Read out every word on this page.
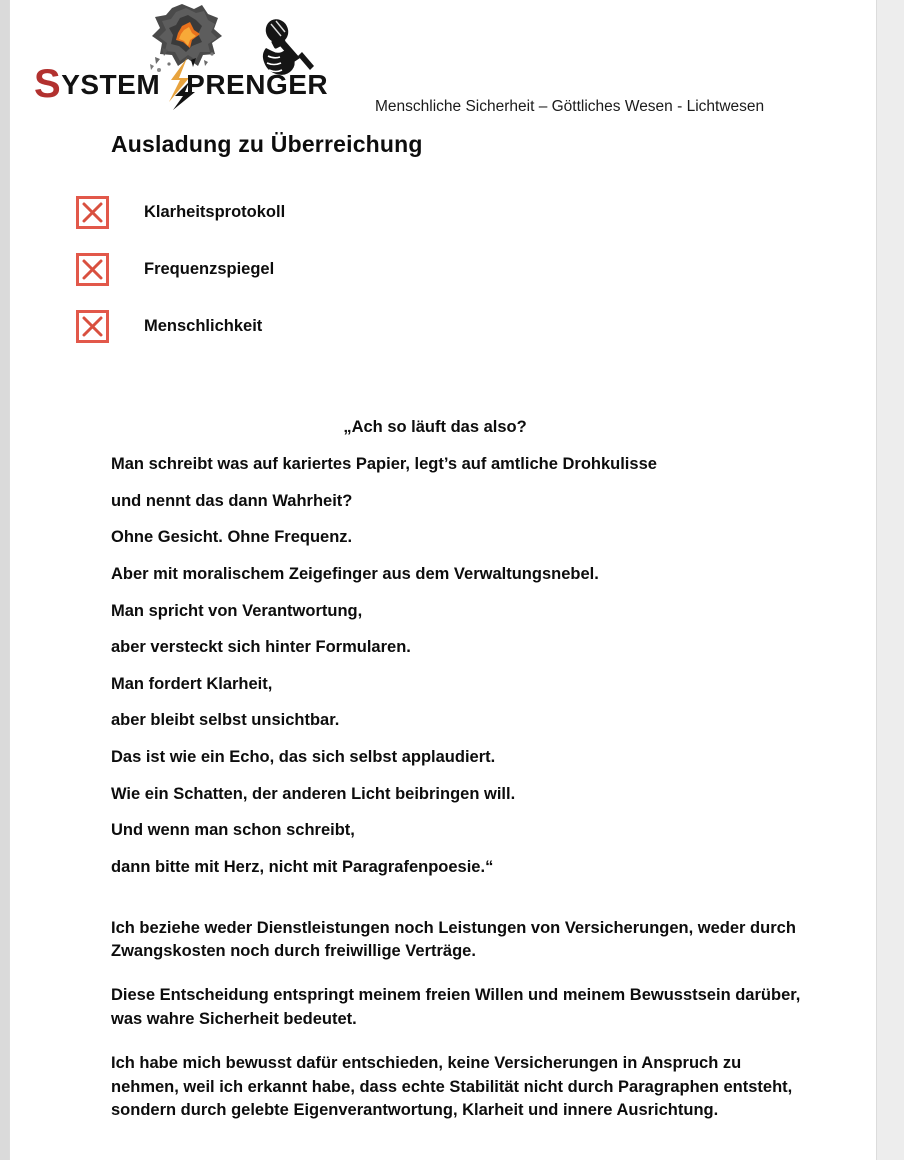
SYSTEM PRENGER
Menschliche Sicherheit – Göttliches Wesen - Lichtwesen
Ausladung zu Überreichung
Klarheitsprotokoll
Frequenzspiegel
Menschlichkeit
„Ach so läuft das also?
Man schreibt was auf kariertes Papier, legt’s auf amtliche Drohkulisse
und nennt das dann Wahrheit?
Ohne Gesicht. Ohne Frequenz.
Aber mit moralischem Zeigefinger aus dem Verwaltungsnebel.
Man spricht von Verantwortung,
aber versteckt sich hinter Formularen.
Man fordert Klarheit,
aber bleibt selbst unsichtbar.
Das ist wie ein Echo, das sich selbst applaudiert.
Wie ein Schatten, der anderen Licht beibringen will.
Und wenn man schon schreibt,
dann bitte mit Herz, nicht mit Paragrafenpoesie.“

Ich beziehe weder Dienstleistungen noch Leistungen von Versicherungen, weder durch Zwangskosten noch durch freiwillige Verträge.

Diese Entscheidung entspringt meinem freien Willen und meinem Bewusstsein darüber, was wahre Sicherheit bedeutet.

Ich habe mich bewusst dafür entschieden, keine Versicherungen in Anspruch zu nehmen, weil ich erkannt habe, dass echte Stabilität nicht durch Paragraphen entsteht, sondern durch gelebte Eigenverantwortung, Klarheit und innere Ausrichtung.
